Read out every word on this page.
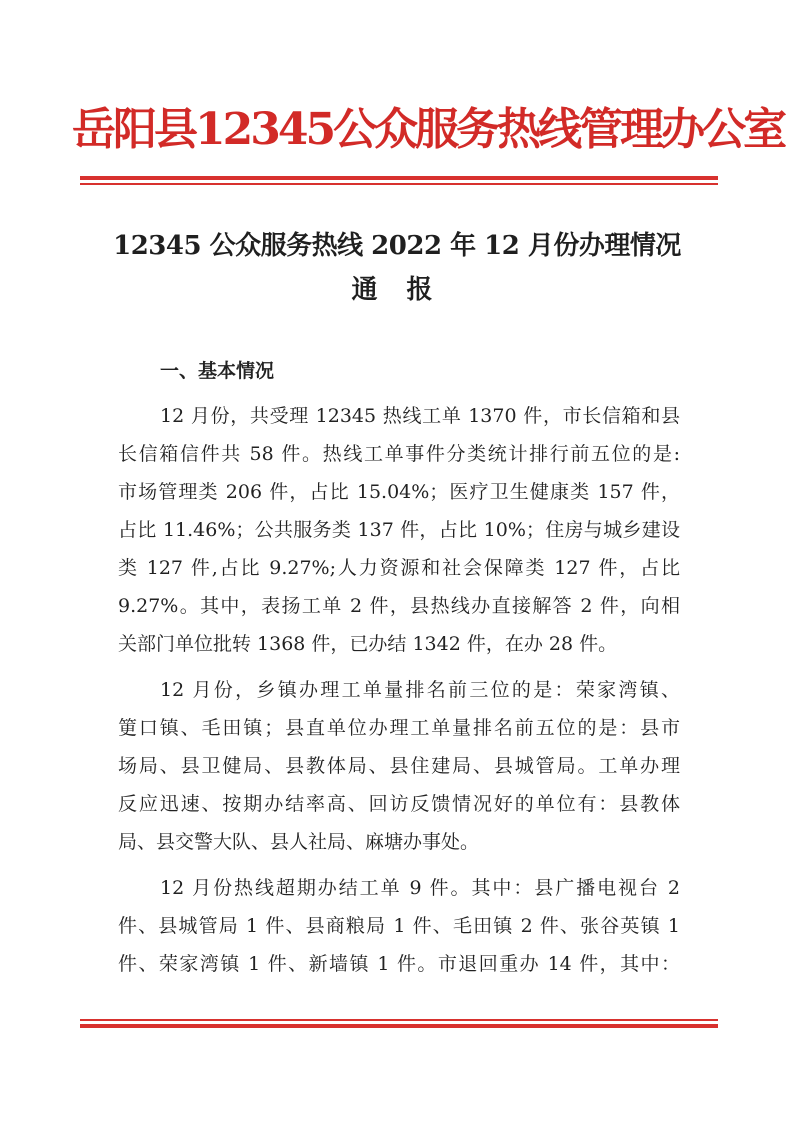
岳阳县12345公众服务热线管理办公室
12345 公众服务热线 2022 年 12 月份办理情况
通 报
一、基本情况
12 月份，共受理 12345 热线工单 1370 件，市长信箱和县
长信箱信件共 58 件。热线工单事件分类统计排行前五位的是:
市场管理类 206 件，占比 15.04%；医疗卫生健康类 157 件，
占比 11.46%；公共服务类 137 件，占比 10%；住房与城乡建设
类 127 件,占比 9.27%;人力资源和社会保障类 127 件，占比
9.27%。其中，表扬工单 2 件，县热线办直接解答 2 件，向相
关部门单位批转 1368 件，已办结 1342 件，在办 28 件。
12 月份，乡镇办理工单量排名前三位的是：荣家湾镇、
筻口镇、毛田镇；县直单位办理工单量排名前五位的是：县市
场局、县卫健局、县教体局、县住建局、县城管局。工单办理
反应迅速、按期办结率高、回访反馈情况好的单位有：县教体
局、县交警大队、县人社局、麻塘办事处。
12 月份热线超期办结工单 9 件。其中：县广播电视台 2
件、县城管局 1 件、县商粮局 1 件、毛田镇 2 件、张谷英镇 1
件、荣家湾镇 1 件、新墙镇 1 件。市退回重办 14 件，其中：
